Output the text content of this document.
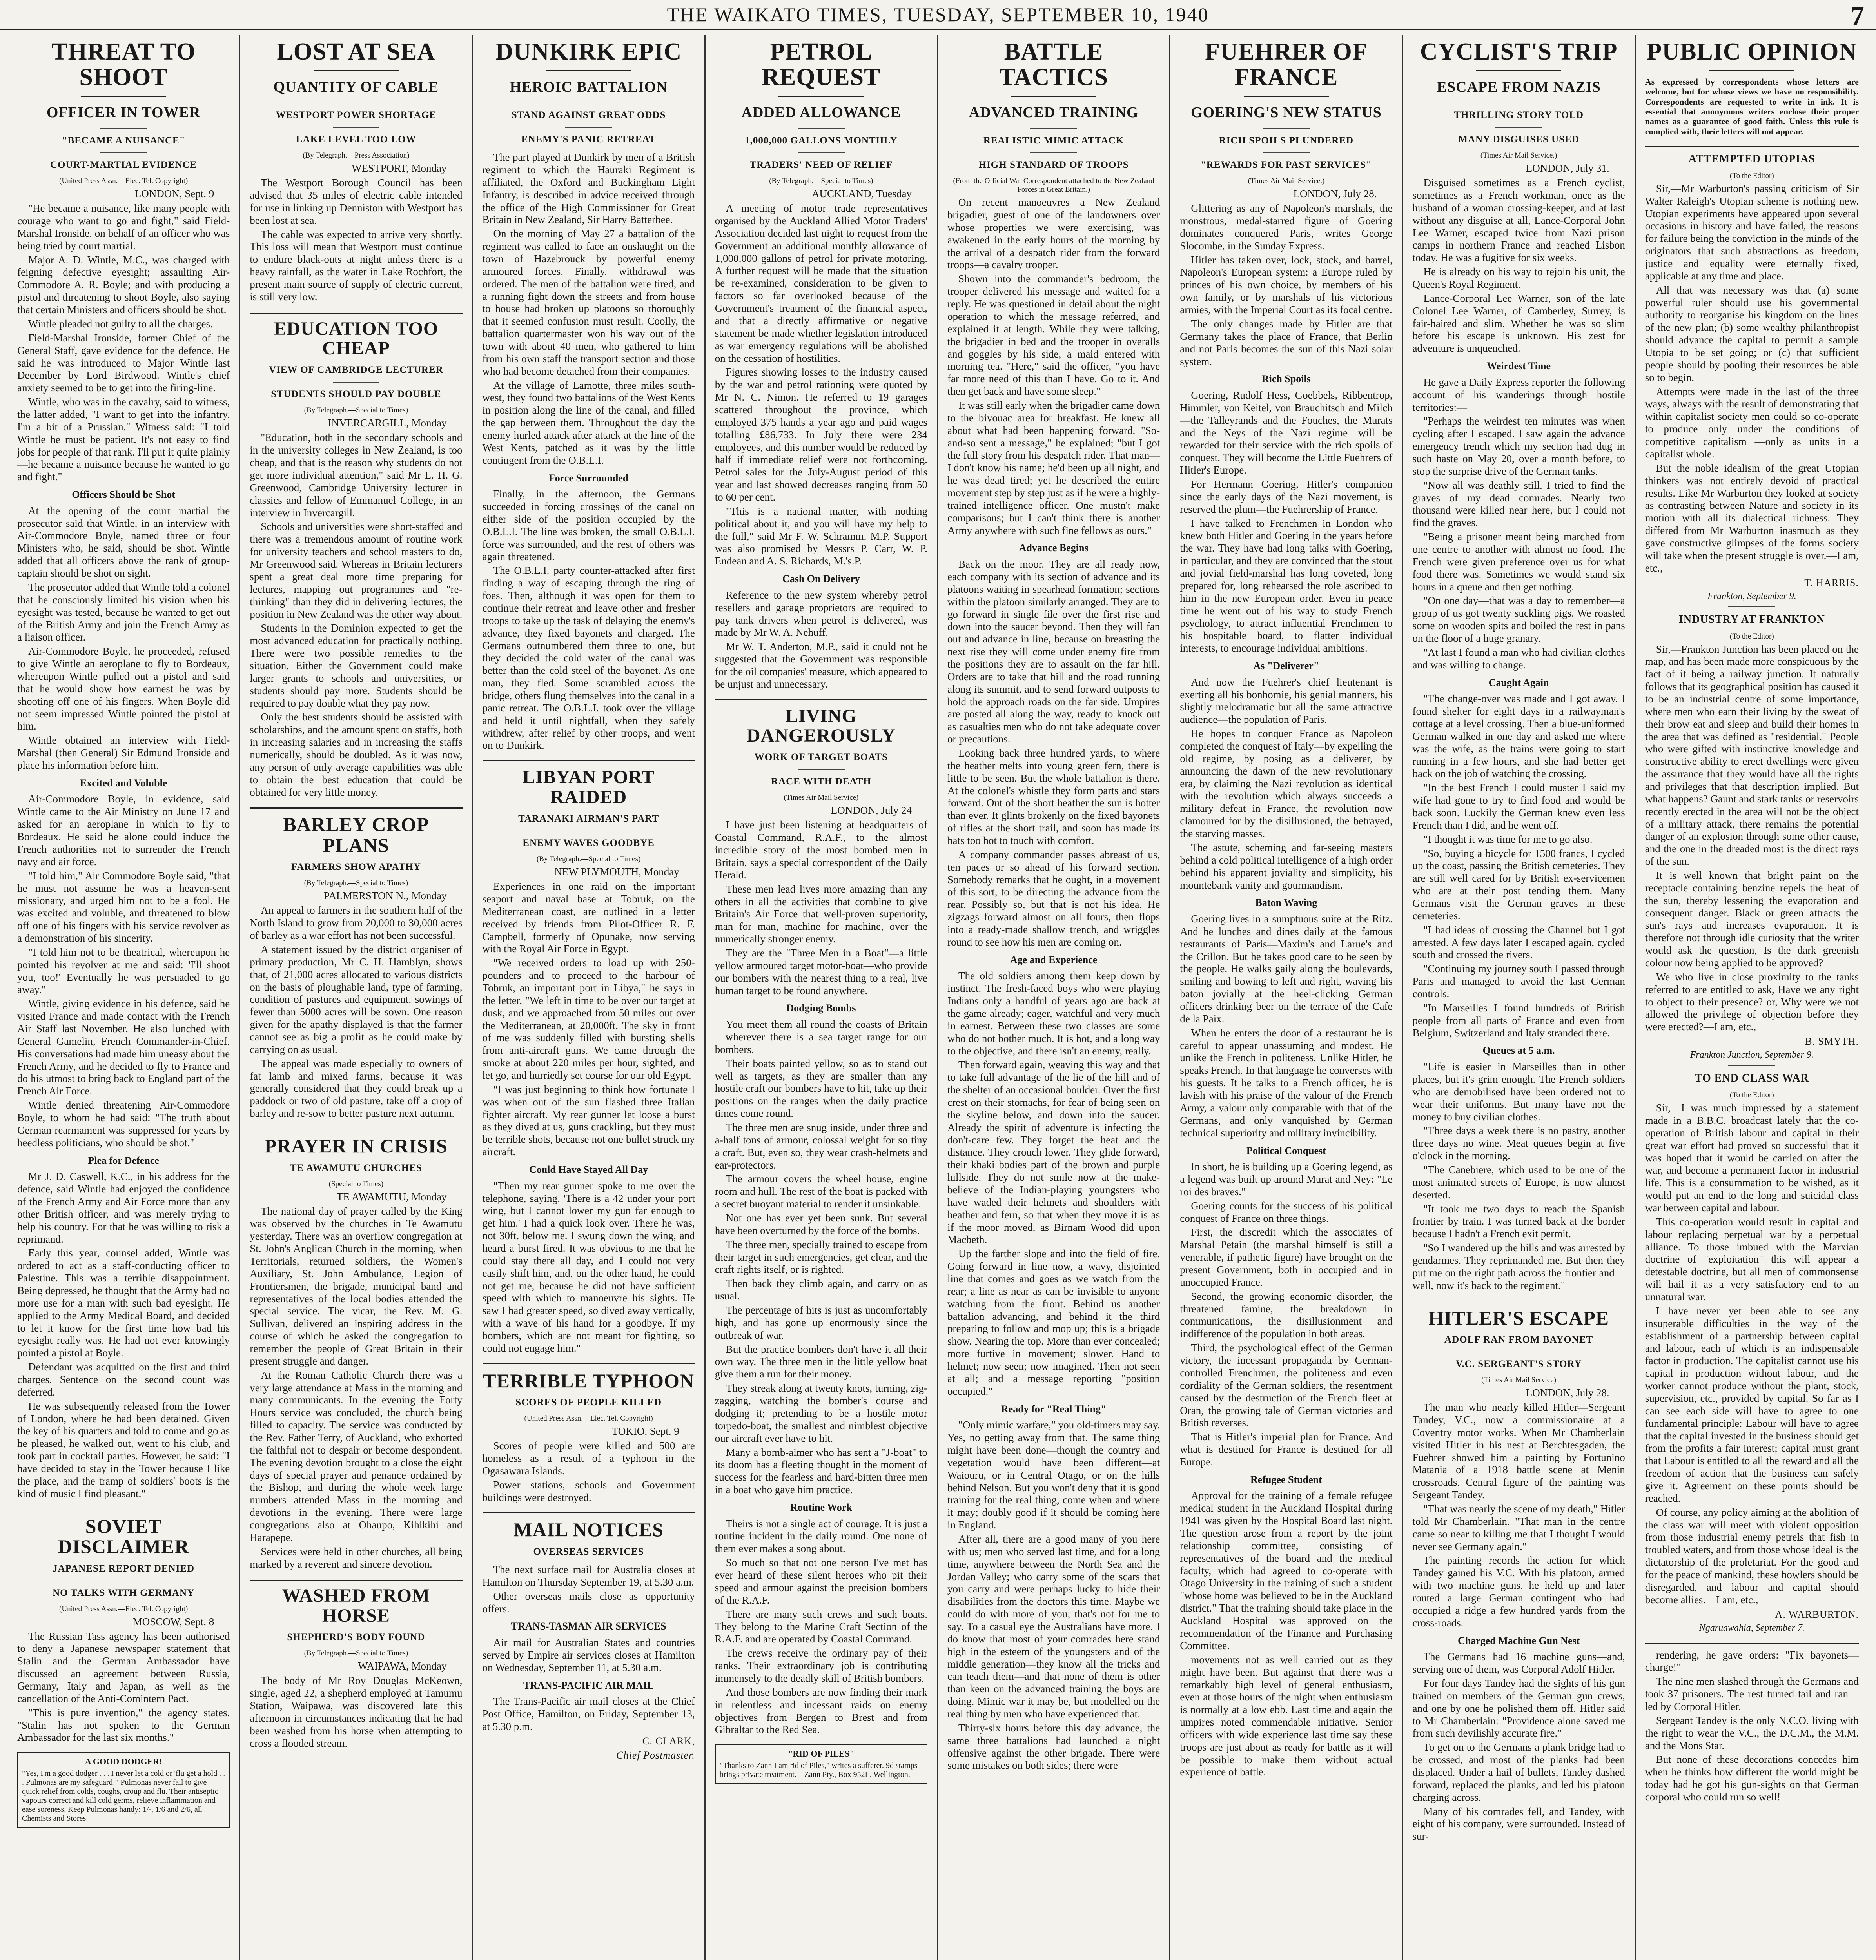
THE WAIKATO TIMES, TUESDAY, SEPTEMBER 10, 1940	7
THREAT TO SHOOT
OFFICER IN TOWER
"BECAME A NUISANCE"
COURT-MARTIAL EVIDENCE
(United Press Assn.—Elec. Tel. Copyright)
LONDON, Sept. 9

"He became a nuisance, like many people with courage who want to go and fight," said Field-Marshal Ironside, on behalf of an officer who was being tried by court martial.

Major A. D. Wintle, M.C., was charged with feigning defective eyesight; assaulting Air-Commodore A. R. Boyle; and with producing a pistol and threatening to shoot Boyle, also saying that certain Ministers and officers should be shot.

Wintle pleaded not guilty to all the charges.

Field-Marshal Ironside, former Chief of the General Staff, gave evidence for the defence. He said he was introduced to Major Wintle last December by Lord Birdwood. Wintle's chief anxiety seemed to be to get into the firing-line.

Wintle, who was in the cavalry, said to witness, the latter added, "I want to get into the infantry. I'm a bit of a Prussian." Witness said: "I told Wintle he must be patient. It's not easy to find jobs for people of that rank. I'll put it quite plainly—he became a nuisance because he wanted to go and fight."

Officers Should be Shot

At the opening of the court martial the prosecutor said that Wintle, in an interview with Air-Commodore Boyle, named three or four Ministers who, he said, should be shot. Wintle added that all officers above the rank of group-captain should be shot on sight.

The prosecutor added that Wintle told a colonel that he consciously limited his vision when his eyesight was tested, because he wanted to get out of the British Army and join the French Army as a liaison officer.

Air-Commodore Boyle, he proceeded, refused to give Wintle an aeroplane to fly to Bordeaux, whereupon Wintle pulled out a pistol and said that he would show how earnest he was by shooting off one of his fingers. When Boyle did not seem impressed Wintle pointed the pistol at him.

Wintle obtained an interview with Field-Marshal (then General) Sir Edmund Ironside and place his information before him.

Excited and Voluble

Air-Commodore Boyle, in evidence, said Wintle came to the Air Ministry on June 17 and asked for an aeroplane in which to fly to Bordeaux. He said he alone could induce the French authorities not to surrender the French navy and air force.

"I told him," Air Commodore Boyle said, "that he must not assume he was a heaven-sent missionary, and urged him not to be a fool. He was excited and voluble, and threatened to blow off one of his fingers with his service revolver as a demonstration of his sincerity.

"I told him not to be theatrical, whereupon he pointed his revolver at me and said: 'I'll shoot you, too!' Eventually he was persuaded to go away."

Wintle, giving evidence in his defence, said he visited France and made contact with the French Air Staff last November. He also lunched with General Gamelin, French Commander-in-Chief. His conversations had made him uneasy about the French Army, and he decided to fly to France and do his utmost to bring back to England part of the French Air Force.

Wintle denied threatening Air-Commodore Boyle, to whom he had said: "The truth about German rearmament was suppressed for years by heedless politicians, who should be shot."

Plea for Defence

Mr J. D. Caswell, K.C., in his address for the defence, said Wintle had enjoyed the confidence of the French Army and Air Force more than any other British officer, and was merely trying to help his country. For that he was willing to risk a reprimand.

Early this year, counsel added, Wintle was ordered to act as a staff-conducting officer to Palestine. This was a terrible disappointment. Being depressed, he thought that the Army had no more use for a man with such bad eyesight. He applied to the Army Medical Board, and decided to let it know for the first time how bad his eyesight really was. He had not ever knowingly pointed a pistol at Boyle.

Defendant was acquitted on the first and third charges. Sentence on the second count was deferred.

He was subsequently released from the Tower of London, where he had been detained. Given the key of his quarters and told to come and go as he pleased, he walked out, went to his club, and took part in cocktail parties. However, he said: "I have decided to stay in the Tower because I like the place, and the tramp of soldiers' boots is the kind of music I find pleasant."

SOVIET DISCLAIMER
JAPANESE REPORT DENIED
NO TALKS WITH GERMANY
(United Press Assn.—Elec. Tel. Copyright)
MOSCOW, Sept. 8

The Russian Tass agency has been authorised to deny a Japanese newspaper statement that Stalin and the German Ambassador have discussed an agreement between Russia, Germany, Italy and Japan, as well as the cancellation of the Anti-Comintern Pact.

"This is pure invention," the agency states. "Stalin has not spoken to the German Ambassador for the last six months."

A GOOD DODGER!
"Yes, I'm a good dodger . . . I never let a cold or 'flu get a hold . . . Pulmonas are my safeguard!" Pulmonas never fail to give quick relief from colds, coughs, croup and flu. Their antiseptic vapours correct and kill cold germs, relieve inflammation and ease soreness. Keep Pulmonas handy: 1/-, 1/6 and 2/6, all Chemists and Stores.
LOST AT SEA
QUANTITY OF CABLE
WESTPORT POWER SHORTAGE
LAKE LEVEL TOO LOW
(By Telegraph.—Press Association)
WESTPORT, Monday

The Westport Borough Council has been advised that 35 miles of electric cable intended for use in linking up Denniston with Westport has been lost at sea.

The cable was expected to arrive very shortly. This loss will mean that Westport must continue to endure black-outs at night unless there is a heavy rainfall, as the water in Lake Rochfort, the present main source of supply of electric current, is still very low.

EDUCATION TOO CHEAP
VIEW OF CAMBRIDGE LECTURER
STUDENTS SHOULD PAY DOUBLE
(By Telegraph.—Special to Times)
INVERCARGILL, Monday

"Education, both in the secondary schools and in the university colleges in New Zealand, is too cheap, and that is the reason why students do not get more individual attention," said Mr L. H. G. Greenwood, Cambridge University lecturer in classics and fellow of Emmanuel College, in an interview in Invercargill.

Schools and universities were short-staffed and there was a tremendous amount of routine work for university teachers and school masters to do, Mr Greenwood said. Whereas in Britain lecturers spent a great deal more time preparing for lectures, mapping out programmes and "re-thinking" than they did in delivering lectures, the position in New Zealand was the other way about.

Students in the Dominion expected to get the most advanced education for practically nothing. There were two possible remedies to the situation. Either the Government could make larger grants to schools and universities, or students should pay more. Students should be required to pay double what they pay now.

Only the best students should be assisted with scholarships, and the amount spent on staffs, both in increasing salaries and in increasing the staffs numerically, should be doubled. As it was now, any person of only average capabilities was able to obtain the best education that could be obtained for very little money.

BARLEY CROP PLANS
FARMERS SHOW APATHY
(By Telegraph.—Special to Times)
PALMERSTON N., Monday

An appeal to farmers in the southern half of the North Island to grow from 20,000 to 30,000 acres of barley as a war effort has not been successful.

A statement issued by the district organiser of primary production, Mr C. H. Hamblyn, shows that, of 21,000 acres allocated to various districts on the basis of ploughable land, type of farming, condition of pastures and equipment, sowings of fewer than 5000 acres will be sown. One reason given for the apathy displayed is that the farmer cannot see as big a profit as he could make by carrying on as usual.

The appeal was made especially to owners of fat lamb and mixed farms, because it was generally considered that they could break up a paddock or two of old pasture, take off a crop of barley and re-sow to better pasture next autumn.

PRAYER IN CRISIS
TE AWAMUTU CHURCHES
(Special to Times)
TE AWAMUTU, Monday

The national day of prayer called by the King was observed by the churches in Te Awamutu yesterday. There was an overflow congregation at St. John's Anglican Church in the morning, when Territorials, returned soldiers, the Women's Auxiliary, St. John Ambulance, Legion of Frontiersmen, the brigade, municipal band and representatives of the local bodies attended the special service. The vicar, the Rev. M. G. Sullivan, delivered an inspiring address in the course of which he asked the congregation to remember the people of Great Britain in their present struggle and danger.

At the Roman Catholic Church there was a very large attendance at Mass in the morning and many communicants. In the evening the Forty Hours service was concluded, the church being filled to capacity. The service was conducted by the Rev. Father Terry, of Auckland, who exhorted the faithful not to despair or become despondent. The evening devotion brought to a close the eight days of special prayer and penance ordained by the Bishop, and during the whole week large numbers attended Mass in the morning and devotions in the evening. There were large congregations also at Ohaupo, Kihikihi and Harapepe.

Services were held in other churches, all being marked by a reverent and sincere devotion.

WASHED FROM HORSE
SHEPHERD'S BODY FOUND
(By Telegraph.—Special to Times)
WAIPAWA, Monday

The body of Mr Roy Douglas McKeown, single, aged 22, a shepherd employed at Tamumu Station, Waipawa, was discovered late this afternoon in circumstances indicating that he had been washed from his horse when attempting to cross a flooded stream.

DUNKIRK EPIC
HEROIC BATTALION
STAND AGAINST GREAT ODDS
ENEMY'S PANIC RETREAT

The part played at Dunkirk by men of a British regiment to which the Hauraki Regiment is affiliated, the Oxford and Buckingham Light Infantry, is described in advice received through the office of the High Commissioner for Great Britain in New Zealand, Sir Harry Batterbee.

On the morning of May 27 a battalion of the regiment was called to face an onslaught on the town of Hazebrouck by powerful enemy armoured forces. Finally, withdrawal was ordered. The men of the battalion were tired, and a running fight down the streets and from house to house had broken up platoons so thoroughly that it seemed confusion must result. Coolly, the battalion quartermaster won his way out of the town with about 40 men, who gathered to him from his own staff the transport section and those who had become detached from their companies.

At the village of Lamotte, three miles south-west, they found two battalions of the West Kents in position along the line of the canal, and filled the gap between them. Throughout the day the enemy hurled attack after attack at the line of the West Kents, patched as it was by the little contingent from the O.B.L.I.

Force Surrounded

Finally, in the afternoon, the Germans succeeded in forcing crossings of the canal on either side of the position occupied by the O.B.L.I. The line was broken, the small O.B.L.I. force was surrounded, and the rest of others was again threatened.

The O.B.L.I. party counter-attacked after first finding a way of escaping through the ring of foes. Then, although it was open for them to continue their retreat and leave other and fresher troops to take up the task of delaying the enemy's advance, they fixed bayonets and charged. The Germans outnumbered them three to one, but they decided the cold water of the canal was better than the cold steel of the bayonet. As one man, they fled. Some scrambled across the bridge, others flung themselves into the canal in a panic retreat. The O.B.L.I. took over the village and held it until nightfall, when they safely withdrew, after relief by other troops, and went on to Dunkirk.

LIBYAN PORT RAIDED
TARANAKI AIRMAN'S PART
ENEMY WAVES GOODBYE
(By Telegraph.—Special to Times)
NEW PLYMOUTH, Monday

Experiences in one raid on the important seaport and naval base at Tobruk, on the Mediterranean coast, are outlined in a letter received by friends from Pilot-Officer R. F. Campbell, formerly of Opunake, now serving with the Royal Air Force in Egypt.

"We received orders to load up with 250-pounders and to proceed to the harbour of Tobruk, an important port in Libya," he says in the letter. "We left in time to be over our target at dusk, and we approached from 50 miles out over the Mediterranean, at 20,000ft. The sky in front of me was suddenly filled with bursting shells from anti-aircraft guns. We came through the smoke at about 220 miles per hour, sighted, and let go, and hurriedly set course for our old Egypt.

"I was just beginning to think how fortunate I was when out of the sun flashed three Italian fighter aircraft. My rear gunner let loose a burst as they dived at us, guns crackling, but they must be terrible shots, because not one bullet struck my aircraft.

Could Have Stayed All Day

"Then my rear gunner spoke to me over the telephone, saying, 'There is a 42 under your port wing, but I cannot lower my gun far enough to get him.' I had a quick look over. There he was, not 30ft. below me. I swung down the wing, and heard a burst fired. It was obvious to me that he could stay there all day, and I could not very easily shift him, and, on the other hand, he could not get me, because he did not have sufficient speed with which to manoeuvre his sights. He saw I had greater speed, so dived away vertically, with a wave of his hand for a goodbye. If my bombers, which are not meant for fighting, so could not engage him."

TERRIBLE TYPHOON
SCORES OF PEOPLE KILLED
(United Press Assn.—Elec. Tel. Copyright)
TOKIO, Sept. 9

Scores of people were killed and 500 are homeless as a result of a typhoon in the Ogasawara Islands.

Power stations, schools and Government buildings were destroyed.

MAIL NOTICES
OVERSEAS SERVICES

The next surface mail for Australia closes at Hamilton on Thursday September 19, at 5.30 a.m.

Other overseas mails close as opportunity offers.

TRANS-TASMAN AIR SERVICES

Air mail for Australian States and countries served by Empire air services closes at Hamilton on Wednesday, September 11, at 5.30 a.m.

TRANS-PACIFIC AIR MAIL

The Trans-Pacific air mail closes at the Chief Post Office, Hamilton, on Friday, September 13, at 5.30 p.m.

C. CLARK,
Chief Postmaster.
PETROL REQUEST
ADDED ALLOWANCE
1,000,000 GALLONS MONTHLY
TRADERS' NEED OF RELIEF
(By Telegraph.—Special to Times)
AUCKLAND, Tuesday

A meeting of motor trade representatives organised by the Auckland Allied Motor Traders' Association decided last night to request from the Government an additional monthly allowance of 1,000,000 gallons of petrol for private motoring. A further request will be made that the situation be re-examined, consideration to be given to factors so far overlooked because of the Government's treatment of the financial aspect, and that a directly affirmative or negative statement be made whether legislation introduced as war emergency regulations will be abolished on the cessation of hostilities.

Figures showing losses to the industry caused by the war and petrol rationing were quoted by Mr N. C. Nimon. He referred to 19 garages scattered throughout the province, which employed 375 hands a year ago and paid wages totalling £86,733. In July there were 234 employees, and this number would be reduced by half if immediate relief were not forthcoming. Petrol sales for the July-August period of this year and last showed decreases ranging from 50 to 60 per cent.

"This is a national matter, with nothing political about it, and you will have my help to the full," said Mr F. W. Schramm, M.P. Support was also promised by Messrs P. Carr, W. P. Endean and A. S. Richards, M.'s.P.

Cash On Delivery

Reference to the new system whereby petrol resellers and garage proprietors are required to pay tank drivers when petrol is delivered, was made by Mr W. A. Nehuff.

Mr W. T. Anderton, M.P., said it could not be suggested that the Government was responsible for the oil companies' measure, which appeared to be unjust and unnecessary.

LIVING DANGEROUSLY
WORK OF TARGET BOATS
RACE WITH DEATH
(Times Air Mail Service)
LONDON, July 24

I have just been listening at headquarters of Coastal Command, R.A.F., to the almost incredible story of the most bombed men in Britain, says a special correspondent of the Daily Herald.

These men lead lives more amazing than any others in all the activities that combine to give Britain's Air Force that well-proven superiority, man for man, machine for machine, over the numerically stronger enemy.

They are the "Three Men in a Boat"—a little yellow armoured target motor-boat—who provide our bombers with the nearest thing to a real, live human target to be found anywhere.

Dodging Bombs

You meet them all round the coasts of Britain—wherever there is a sea target range for our bombers.

Their boats painted yellow, so as to stand out well as targets, as they are smaller than any hostile craft our bombers have to hit, take up their positions on the ranges when the daily practice times come round.

The three men are snug inside, under three and a-half tons of armour, colossal weight for so tiny a craft. But, even so, they wear crash-helmets and ear-protectors.

The armour covers the wheel house, engine room and hull. The rest of the boat is packed with a secret buoyant material to render it unsinkable.

Not one has ever yet been sunk. But several have been overturned by the force of the bombs.

The three men, specially trained to escape from their target in such emergencies, get clear, and the craft rights itself, or is righted.

Then back they climb again, and carry on as usual.

The percentage of hits is just as uncomfortably high, and has gone up enormously since the outbreak of war.

But the practice bombers don't have it all their own way. The three men in the little yellow boat give them a run for their money.

They streak along at twenty knots, turning, zig-zagging, watching the bomber's course and dodging it; pretending to be a hostile motor torpedo-boat, the smallest and nimblest objective our aircraft ever have to hit.

Many a bomb-aimer who has sent a "J-boat" to its doom has a fleeting thought in the moment of success for the fearless and hard-bitten three men in a boat who gave him practice.

Routine Work

Theirs is not a single act of courage. It is just a routine incident in the daily round. One none of them ever makes a song about.

So much so that not one person I've met has ever heard of these silent heroes who pit their speed and armour against the precision bombers of the R.A.F.

There are many such crews and such boats. They belong to the Marine Craft Section of the R.A.F. and are operated by Coastal Command.

The crews receive the ordinary pay of their ranks. Their extraordinary job is contributing immensely to the deadly skill of British bombers.

And those bombers are now finding their mark in relentless and incessant raids on enemy objectives from Bergen to Brest and from Gibraltar to the Red Sea.

"RID OF PILES"
"Thanks to Zann I am rid of Piles," writes a sufferer. 9d stamps brings private treatment.—Zann Pty., Box 952L, Wellington.
BATTLE TACTICS
ADVANCED TRAINING
REALISTIC MIMIC ATTACK
HIGH STANDARD OF TROOPS
(From the Official War Correspondent attached to the New Zealand Forces in Great Britain.)

On recent manoeuvres a New Zealand brigadier, guest of one of the landowners over whose properties we were exercising, was awakened in the early hours of the morning by the arrival of a despatch rider from the forward troops—a cavalry trooper.

Shown into the commander's bedroom, the trooper delivered his message and waited for a reply. He was questioned in detail about the night operation to which the message referred, and explained it at length. While they were talking, the brigadier in bed and the trooper in overalls and goggles by his side, a maid entered with morning tea. "Here," said the officer, "you have far more need of this than I have. Go to it. And then get back and have some sleep."

It was still early when the brigadier came down to the bivouac area for breakfast. He knew all about what had been happening forward. "So-and-so sent a message," he explained; "but I got the full story from his despatch rider. That man—I don't know his name; he'd been up all night, and he was dead tired; yet he described the entire movement step by step just as if he were a highly-trained intelligence officer. One mustn't make comparisons; but I can't think there is another Army anywhere with such fine fellows as ours."

Advance Begins

Back on the moor. They are all ready now, each company with its section of advance and its platoons waiting in spearhead formation; sections within the platoon similarly arranged. They are to go forward in single file over the first rise and down into the saucer beyond. Then they will fan out and advance in line, because on breasting the next rise they will come under enemy fire from the positions they are to assault on the far hill. Orders are to take that hill and the road running along its summit, and to send forward outposts to hold the approach roads on the far side. Umpires are posted all along the way, ready to knock out as casualties men who do not take adequate cover or precautions.

Looking back three hundred yards, to where the heather melts into young green fern, there is little to be seen. But the whole battalion is there. At the colonel's whistle they form parts and stars forward. Out of the short heather the sun is hotter than ever. It glints brokenly on the fixed bayonets of rifles at the short trail, and soon has made its hats too hot to touch with comfort.

A company commander passes abreast of us, ten paces or so ahead of his forward section. Somebody remarks that he ought, in a movement of this sort, to be directing the advance from the rear. Possibly so, but that is not his idea. He zigzags forward almost on all fours, then flops into a ready-made shallow trench, and wriggles round to see how his men are coming on.

Age and Experience

The old soldiers among them keep down by instinct. The fresh-faced boys who were playing Indians only a handful of years ago are back at the game already; eager, watchful and very much in earnest. Between these two classes are some who do not bother much. It is hot, and a long way to the objective, and there isn't an enemy, really.

Then forward again, weaving this way and that to take full advantage of the lie of the hill and of the shelter of an occasional boulder. Over the first crest on their stomachs, for fear of being seen on the skyline below, and down into the saucer. Already the spirit of adventure is infecting the don't-care few. They forget the heat and the distance. They crouch lower. They glide forward, their khaki bodies part of the brown and purple hillside. They do not smile now at the make-believe of the Indian-playing youngsters who have waded their helmets and shoulders with heather and fern, so that when they move it is as if the moor moved, as Birnam Wood did upon Macbeth.

Up the farther slope and into the field of fire. Going forward in line now, a wavy, disjointed line that comes and goes as we watch from the rear; a line as near as can be invisible to anyone watching from the front. Behind us another battalion advancing, and behind it the third preparing to follow and mop up; this is a brigade show. Nearing the top. More than ever concealed; more furtive in movement; slower. Hand to helmet; now seen; now imagined. Then not seen at all; and a message reporting "position occupied."

Ready for "Real Thing"

"Only mimic warfare," you old-timers may say. Yes, no getting away from that. The same thing might have been done—though the country and vegetation would have been different—at Waiouru, or in Central Otago, or on the hills behind Nelson. But you won't deny that it is good training for the real thing, come when and where it may; doubly good if it should be coming here in England.

After all, there are a good many of you here with us; men who served last time, and for a long time, anywhere between the North Sea and the Jordan Valley; who carry some of the scars that you carry and were perhaps lucky to hide their disabilities from the doctors this time. Maybe we could do with more of you; that's not for me to say. To a casual eye the Australians have more. I do know that most of your comrades here stand high in the esteem of the youngsters and of the middle generation—they know all the tricks and can teach them—and that none of them is other than keen on the advanced training the boys are doing. Mimic war it may be, but modelled on the real thing by men who have experienced that.

Thirty-six hours before this day advance, the same three battalions had launched a night offensive against the other brigade. There were some mistakes on both sides; there were

FUEHRER OF FRANCE
GOERING'S NEW STATUS
RICH SPOILS PLUNDERED
"REWARDS FOR PAST SERVICES"
(Times Air Mail Service.)
LONDON, July 28.

Glittering as any of Napoleon's marshals, the monstrous, medal-starred figure of Goering dominates conquered Paris, writes George Slocombe, in the Sunday Express.

Hitler has taken over, lock, stock, and barrel, Napoleon's European system: a Europe ruled by princes of his own choice, by members of his own family, or by marshals of his victorious armies, with the Imperial Court as its focal centre.

The only changes made by Hitler are that Germany takes the place of France, that Berlin and not Paris becomes the sun of this Nazi solar system.

Rich Spoils

Goering, Rudolf Hess, Goebbels, Ribbentrop, Himmler, von Keitel, von Brauchitsch and Milch—the Talleyrands and the Fouches, the Murats and the Neys of the Nazi regime—will be rewarded for their service with the rich spoils of conquest. They will become the Little Fuehrers of Hitler's Europe.

For Hermann Goering, Hitler's companion since the early days of the Nazi movement, is reserved the plum—the Fuehrership of France.

I have talked to Frenchmen in London who knew both Hitler and Goering in the years before the war. They have had long talks with Goering, in particular, and they are convinced that the stout and jovial field-marshal has long coveted, long prepared for, long rehearsed the role ascribed to him in the new European order. Even in peace time he went out of his way to study French psychology, to attract influential Frenchmen to his hospitable board, to flatter individual interests, to encourage individual ambitions.

As "Deliverer"

And now the Fuehrer's chief lieutenant is exerting all his bonhomie, his genial manners, his slightly melodramatic but all the same attractive audience—the population of Paris.

He hopes to conquer France as Napoleon completed the conquest of Italy—by expelling the old regime, by posing as a deliverer, by announcing the dawn of the new revolutionary era, by claiming the Nazi revolution as identical with the revolution which always succeeds a military defeat in France, the revolution now clamoured for by the disillusioned, the betrayed, the starving masses.

The astute, scheming and far-seeing masters behind a cold political intelligence of a high order behind his apparent joviality and simplicity, his mountebank vanity and gourmandism.

Baton Waving

Goering lives in a sumptuous suite at the Ritz. And he lunches and dines daily at the famous restaurants of Paris—Maxim's and Larue's and the Crillon. But he takes good care to be seen by the people. He walks gaily along the boulevards, smiling and bowing to left and right, waving his baton jovially at the heel-clicking German officers drinking beer on the terrace of the Cafe de la Paix.

When he enters the door of a restaurant he is careful to appear unassuming and modest. He unlike the French in politeness. Unlike Hitler, he speaks French. In that language he converses with his guests. It he talks to a French officer, he is lavish with his praise of the valour of the French Army, a valour only comparable with that of the Germans, and only vanquished by German technical superiority and military invincibility.

Political Conquest

In short, he is building up a Goering legend, as a legend was built up around Murat and Ney: "Le roi des braves."

Goering counts for the success of his political conquest of France on three things.

First, the discredit which the associates of Marshal Petain (the marshal himself is still a venerable, if pathetic figure) have brought on the present Government, both in occupied and in unoccupied France.

Second, the growing economic disorder, the threatened famine, the breakdown in communications, the disillusionment and indifference of the population in both areas.

Third, the psychological effect of the German victory, the incessant propaganda by German-controlled Frenchmen, the politeness and even cordiality of the German soldiers, the resentment caused by the destruction of the French fleet at Oran, the growing tale of German victories and British reverses.

That is Hitler's imperial plan for France. And what is destined for France is destined for all Europe.

Refugee Student

Approval for the training of a female refugee medical student in the Auckland Hospital during 1941 was given by the Hospital Board last night. The question arose from a report by the joint relationship committee, consisting of representatives of the board and the medical faculty, which had agreed to co-operate with Otago University in the training of such a student "whose home was believed to be in the Auckland district." That the training should take place in the Auckland Hospital was approved on the recommendation of the Finance and Purchasing Committee.

movements not as well carried out as they might have been. But against that there was a remarkably high level of general enthusiasm, even at those hours of the night when enthusiasm is normally at a low ebb. Last time and again the umpires noted commendable initiative. Senior officers with wide experience last time say these troops are just about as ready for battle as it will be possible to make them without actual experience of battle.

CYCLIST'S TRIP
ESCAPE FROM NAZIS
THRILLING STORY TOLD
MANY DISGUISES USED
(Times Air Mail Service.)
LONDON, July 31.

Disguised sometimes as a French cyclist, sometimes as a French workman, once as the husband of a woman crossing-keeper, and at last without any disguise at all, Lance-Corporal John Lee Warner, escaped twice from Nazi prison camps in northern France and reached Lisbon today. He was a fugitive for six weeks.

He is already on his way to rejoin his unit, the Queen's Royal Regiment.

Lance-Corporal Lee Warner, son of the late Colonel Lee Warner, of Camberley, Surrey, is fair-haired and slim. Whether he was so slim before his escape is unknown. His zest for adventure is unquenched.

Weirdest Time

He gave a Daily Express reporter the following account of his wanderings through hostile territories:—

"Perhaps the weirdest ten minutes was when cycling after I escaped. I saw again the advance emergency trench which my section had dug in such haste on May 20, over a month before, to stop the surprise drive of the German tanks.

"Now all was deathly still. I tried to find the graves of my dead comrades. Nearly two thousand were killed near here, but I could not find the graves.

"Being a prisoner meant being marched from one centre to another with almost no food. The French were given preference over us for what food there was. Sometimes we would stand six hours in a queue and then get nothing.

"On one day—that was a day to remember—a group of us got twenty suckling pigs. We roasted some on wooden spits and boiled the rest in pans on the floor of a huge granary.

"At last I found a man who had civilian clothes and was willing to change.

Caught Again

"The change-over was made and I got away. I found shelter for eight days in a railwayman's cottage at a level crossing. Then a blue-uniformed German walked in one day and asked me where was the wife, as the trains were going to start running in a few hours, and she had better get back on the job of watching the crossing.

"In the best French I could muster I said my wife had gone to try to find food and would be back soon. Luckily the German knew even less French than I did, and he went off.

"I thought it was time for me to go also.

"So, buying a bicycle for 1500 francs, I cycled up the coast, passing the British cemeteries. They are still well cared for by British ex-servicemen who are at their post tending them. Many Germans visit the German graves in these cemeteries.

"I had ideas of crossing the Channel but I got arrested. A few days later I escaped again, cycled south and crossed the rivers.

"Continuing my journey south I passed through Paris and managed to avoid the last German controls.

"In Marseilles I found hundreds of British people from all parts of France and even from Belgium, Switzerland and Italy stranded there.

Queues at 5 a.m.

"Life is easier in Marseilles than in other places, but it's grim enough. The French soldiers who are demobilised have been ordered not to wear their uniforms. But many have not the money to buy civilian clothes.

"Three days a week there is no pastry, another three days no wine. Meat queues begin at five o'clock in the morning.

"The Canebiere, which used to be one of the most animated streets of Europe, is now almost deserted.

"It took me two days to reach the Spanish frontier by train. I was turned back at the border because I hadn't a French exit permit.

"So I wandered up the hills and was arrested by gendarmes. They reprimanded me. But then they put me on the right path across the frontier and—well, now it's back to the regiment."

HITLER'S ESCAPE
ADOLF RAN FROM BAYONET
V.C. SERGEANT'S STORY
(Times Air Mail Service)
LONDON, July 28.

The man who nearly killed Hitler—Sergeant Tandey, V.C., now a commissionaire at a Coventry motor works. When Mr Chamberlain visited Hitler in his nest at Berchtesgaden, the Fuehrer showed him a painting by Fortunino Matania of a 1918 battle scene at Menin crossroads. Central figure of the painting was Sergeant Tandey.

"That was nearly the scene of my death," Hitler told Mr Chamberlain. "That man in the centre came so near to killing me that I thought I would never see Germany again."

The painting records the action for which Tandey gained his V.C. With his platoon, armed with two machine guns, he held up and later routed a large German contingent who had occupied a ridge a few hundred yards from the cross-roads.

Charged Machine Gun Nest

The Germans had 16 machine guns—and, serving one of them, was Corporal Adolf Hitler.

For four days Tandey had the sights of his gun trained on members of the German gun crews, and one by one he polished them off. Hitler said to Mr Chamberlain: "Providence alone saved me from such devilishly accurate fire."

To get on to the Germans a plank bridge had to be crossed, and most of the planks had been displaced. Under a hail of bullets, Tandey dashed forward, replaced the planks, and led his platoon charging across.

Many of his comrades fell, and Tandey, with eight of his company, were surrounded. Instead of sur-

PUBLIC OPINION
As expressed by correspondents whose letters are welcome, but for whose views we have no responsibility. Correspondents are requested to write in ink. It is essential that anonymous writers enclose their proper names as a guarantee of good faith. Unless this rule is complied with, their letters will not appear.
ATTEMPTED UTOPIAS
(To the Editor)

Sir,—Mr Warburton's passing criticism of Sir Walter Raleigh's Utopian scheme is nothing new. Utopian experiments have appeared upon several occasions in history and have failed, the reasons for failure being the conviction in the minds of the originators that such abstractions as freedom, justice and equality were eternally fixed, applicable at any time and place.

All that was necessary was that (a) some powerful ruler should use his governmental authority to reorganise his kingdom on the lines of the new plan; (b) some wealthy philanthropist should advance the capital to permit a sample Utopia to be set going; or (c) that sufficient people should by pooling their resources be able so to begin.

Attempts were made in the last of the three ways, always with the result of demonstrating that within capitalist society men could so co-operate to produce only under the conditions of competitive capitalism —only as units in a capitalist whole.

But the noble idealism of the great Utopian thinkers was not entirely devoid of practical results. Like Mr Warburton they looked at society as contrasting between Nature and society in its motion with all its dialectical richness. They differed from Mr Warburton inasmuch as they gave constructive glimpses of the forms society will take when the present struggle is over.—I am, etc.,

T. HARRIS.
Frankton, September 9.
INDUSTRY AT FRANKTON
(To the Editor)

Sir,—Frankton Junction has been placed on the map, and has been made more conspicuous by the fact of it being a railway junction. It naturally follows that its geographical position has caused it to be an industrial centre of some importance, where men who earn their living by the sweat of their brow eat and sleep and build their homes in the area that was defined as "residential." People who were gifted with instinctive knowledge and constructive ability to erect dwellings were given the assurance that they would have all the rights and privileges that that description implied. But what happens? Gaunt and stark tanks or reservoirs recently erected in the area will not be the object of a military attack, there remains the potential danger of an explosion through some other cause, and the one in the dreaded most is the direct rays of the sun.

It is well known that bright paint on the receptacle containing benzine repels the heat of the sun, thereby lessening the evaporation and consequent danger. Black or green attracts the sun's rays and increases evaporation. It is therefore not through idle curiosity that the writer would ask the question, Is the dark greenish colour now being applied to be approved?

We who live in close proximity to the tanks referred to are entitled to ask, Have we any right to object to their presence? or, Why were we not allowed the privilege of objection before they were erected?—I am, etc.,

B. SMYTH.
Frankton Junction, September 9.
TO END CLASS WAR
(To the Editor)

Sir,—I was much impressed by a statement made in a B.B.C. broadcast lately that the co-operation of British labour and capital in their great war effort had proved so successful that it was hoped that it would be carried on after the war, and become a permanent factor in industrial life. This is a consummation to be wished, as it would put an end to the long and suicidal class war between capital and labour.

This co-operation would result in capital and labour replacing perpetual war by a perpetual alliance. To those imbued with the Marxian doctrine of "exploitation" this will appear a detestable doctrine, but all men of commonsense will hail it as a very satisfactory end to an unnatural war.

I have never yet been able to see any insuperable difficulties in the way of the establishment of a partnership between capital and labour, each of which is an indispensable factor in production. The capitalist cannot use his capital in production without labour, and the worker cannot produce without the plant, stock, supervision, etc., provided by capital. So far as I can see each side will have to agree to one fundamental principle: Labour will have to agree that the capital invested in the business should get from the profits a fair interest; capital must grant that Labour is entitled to all the reward and all the freedom of action that the business can safely give it. Agreement on these points should be reached.

Of course, any policy aiming at the abolition of the class war will meet with violent opposition from those industrial enemy petrels that fish in troubled waters, and from those whose ideal is the dictatorship of the proletariat. For the good and for the peace of mankind, these howlers should be disregarded, and labour and capital should become allies.—I am, etc.,

A. WARBURTON.
Ngaruawahia, September 7.

rendering, he gave orders: "Fix bayonets—charge!"

The nine men slashed through the Germans and took 37 prisoners. The rest turned tail and ran—led by Corporal Hitler.

Sergeant Tandey is the only N.C.O. living with the right to wear the V.C., the D.C.M., the M.M. and the Mons Star.

But none of these decorations concedes him when he thinks how different the world might be today had he got his gun-sights on that German corporal who could run so well!
